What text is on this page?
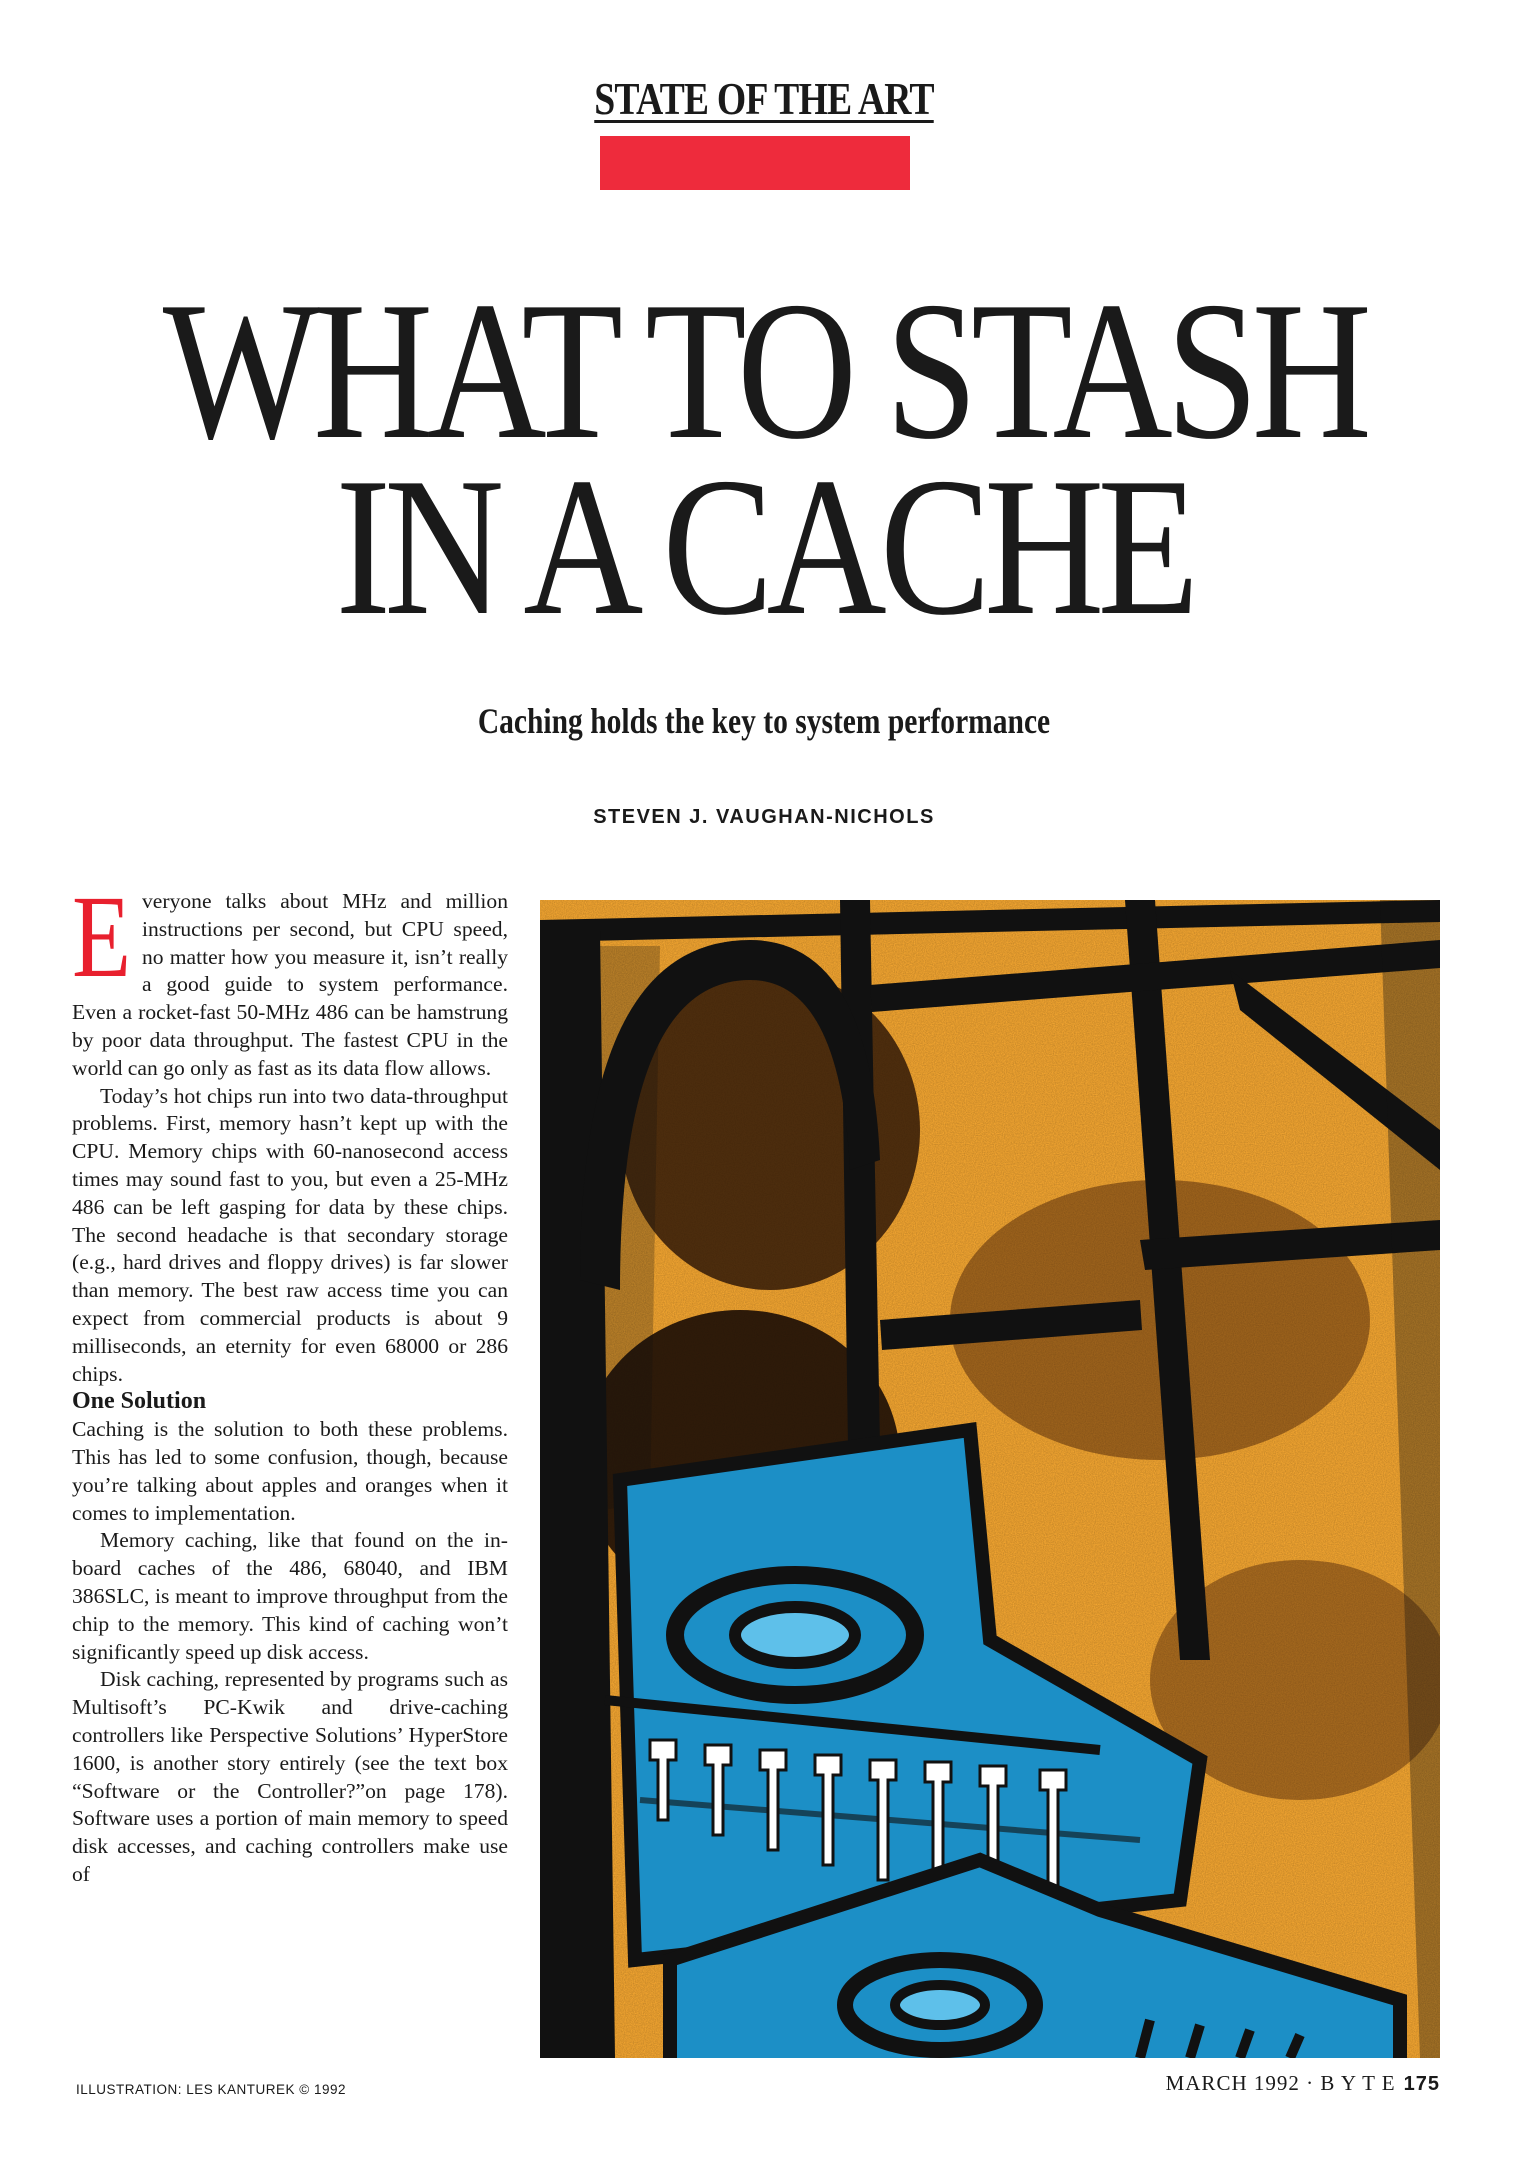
STATE OF THE ART
WHAT TO STASH
IN A CACHE
Caching holds the key to system performance
STEVEN J. VAUGHAN-NICHOLS

Everyone talks about MHz and million instructions per second, but CPU speed, no matter how you measure it, isn’t really a good guide to system performance. Even a rocket-fast 50-MHz 486 can be hamstrung by poor data throughput. The fastest CPU in the world can go only as fast as its data flow allows.

Today’s hot chips run into two data-throughput problems. First, memory hasn’t kept up with the CPU. Memory chips with 60-nanosecond access times may sound fast to you, but even a 25-MHz 486 can be left gasping for data by these chips. The second headache is that secondary storage (e.g., hard drives and floppy drives) is far slower than memory. The best raw access time you can expect from commercial products is about 9 milliseconds, an eternity for even 68000 or 286 chips.

One Solution

Caching is the solution to both these problems. This has led to some confusion, though, because you’re talking about apples and oranges when it comes to implementation.

Memory caching, like that found on the in-board caches of the 486, 68040, and IBM 386SLC, is meant to improve throughput from the chip to the memory. This kind of caching won’t significantly speed up disk access.

Disk caching, represented by programs such as Multisoft’s PC-Kwik and drive-caching controllers like Perspective Solutions’ HyperStore 1600, is another story entirely (see the text box “Software or the Controller?”on page 178). Software uses a portion of main memory to speed disk accesses, and caching controllers make use of

ILLUSTRATION: LES KANTUREK © 1992	MARCH 1992 · B Y T E 175
